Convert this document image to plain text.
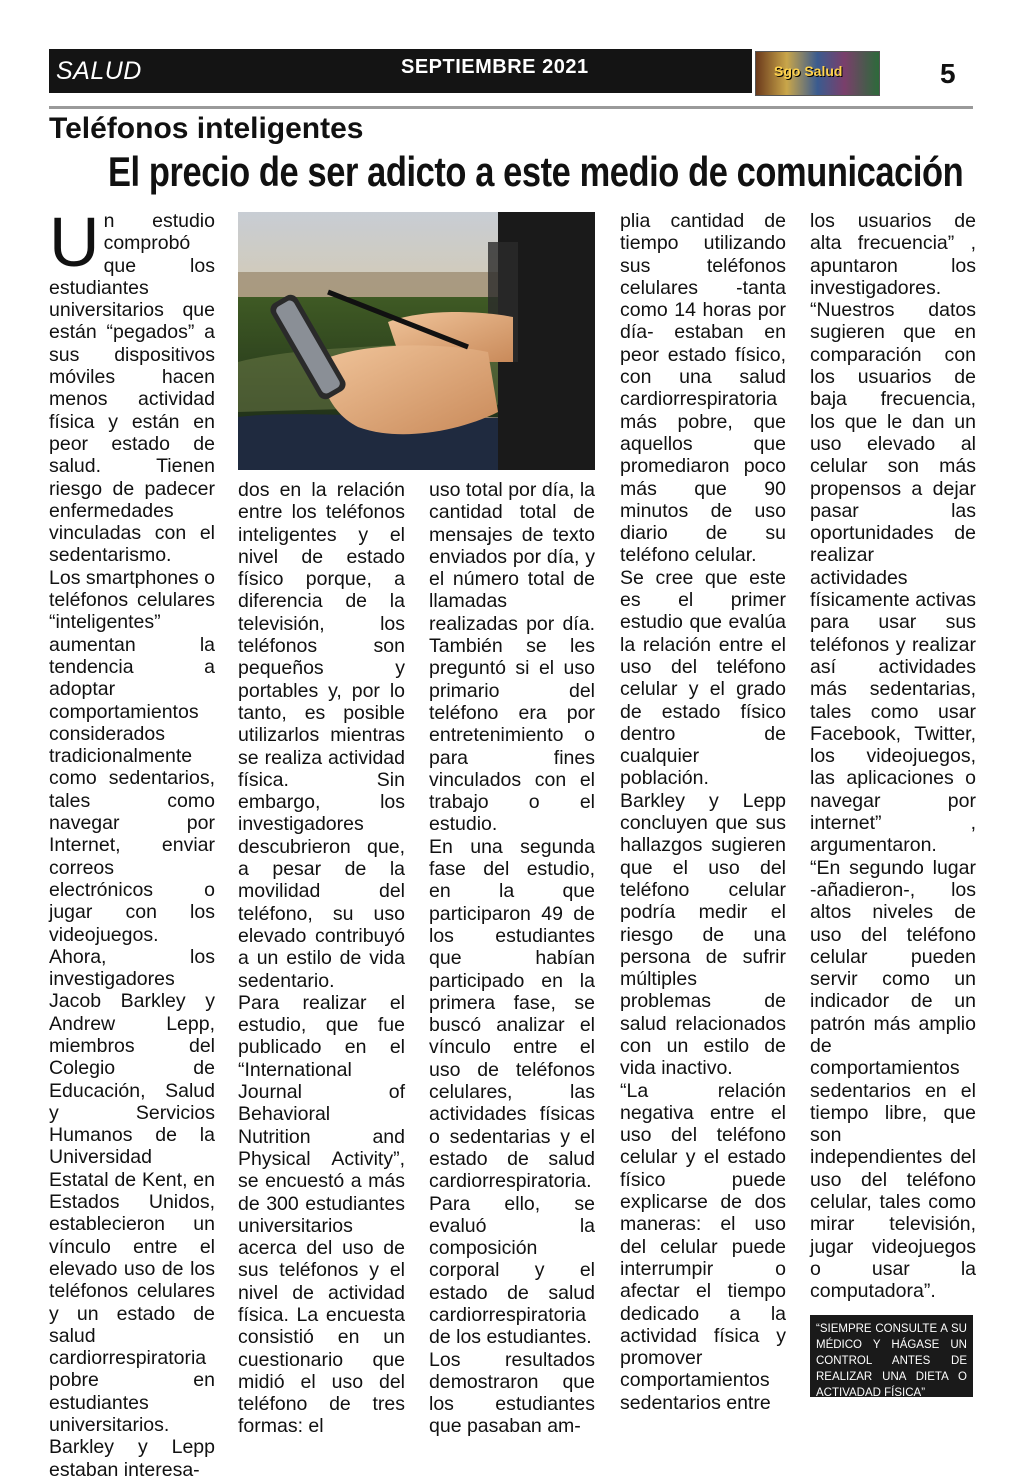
SALUD	SEPTIEMBRE 2021	Sgo Salud	5
Teléfonos inteligentes
El precio de ser adicto a este medio de comunicación
U n estudio comprobó que los estudiantes universitarios que están “pegados” a sus dispositivos móviles hacen menos actividad física y están en peor estado de salud. Tienen riesgo de padecer enfermedades vinculadas con el sedentarismo.

Los smartphones o teléfonos celulares “inteligentes” aumentan la tendencia a adoptar comportamientos considerados tradicionalmente como sedentarios, tales como navegar por Internet, enviar correos electrónicos o jugar con los videojuegos.

Ahora, los investigadores Jacob Barkley y Andrew Lepp, miembros del Colegio de Educación, Salud y Servicios Humanos de la Universidad Estatal de Kent, en Estados Unidos, establecieron un vínculo entre el elevado uso de los teléfonos celulares y un estado de salud cardiorrespiratoria pobre en estudiantes universitarios.

Barkley y Lepp estaban interesa-

dos en la relación entre los teléfonos inteligentes y el nivel de estado físico porque, a diferencia de la televisión, los teléfonos son pequeños y portables y, por lo tanto, es posible utilizarlos mientras se realiza actividad física. Sin embargo, los investigadores descubrieron que, a pesar de la movilidad del teléfono, su uso elevado contribuyó a un estilo de vida sedentario.

Para realizar el estudio, que fue publicado en el “International Journal of Behavioral Nutrition and Physical Activity”, se encuestó a más de 300 estudiantes universitarios acerca del uso de sus teléfonos y el nivel de actividad física. La encuesta consistió en un cuestionario que midió el uso del teléfono de tres formas: el

uso total por día, la cantidad total de mensajes de texto enviados por día, y el número total de llamadas realizadas por día. También se les preguntó si el uso primario del teléfono era por entretenimiento o para fines vinculados con el trabajo o el estudio.

En una segunda fase del estudio, en la que participaron 49 de los estudiantes que habían participado en la primera fase, se buscó analizar el vínculo entre el uso de teléfonos celulares, las actividades físicas o sedentarias y el estado de salud cardiorrespiratoria. Para ello, se evaluó la composición corporal y el estado de salud cardiorrespiratoria de los estudiantes.

Los resultados demostraron que los estudiantes que pasaban am-

plia cantidad de tiempo utilizando sus teléfonos celulares -tanta como 14 horas por día- estaban en peor estado físico, con una salud cardiorrespiratoria más pobre, que aquellos que promediaron poco más que 90 minutos de uso diario de su teléfono celular.

Se cree que este es el primer estudio que evalúa la relación entre el uso del teléfono celular y el grado de estado físico dentro de cualquier población.

Barkley y Lepp concluyen que sus hallazgos sugieren que el uso del teléfono celular podría medir el riesgo de una persona de sufrir múltiples problemas de salud relacionados con un estilo de vida inactivo.

“La relación negativa entre el uso del teléfono celular y el estado físico puede explicarse de dos maneras: el uso del celular puede interrumpir o afectar el tiempo dedicado a la actividad física y promover comportamientos sedentarios entre

los usuarios de alta frecuencia” , apuntaron los investigadores.

“Nuestros datos sugieren que en comparación con los usuarios de baja frecuencia, los que le dan un uso elevado al celular son más propensos a dejar pasar las oportunidades de realizar actividades físicamente activas para usar sus teléfonos y realizar así actividades más sedentarias, tales como usar Facebook, Twitter, los videojuegos, las aplicaciones o navegar por internet” , argumentaron.

“En segundo lugar -añadieron-, los altos niveles de uso del teléfono celular pueden servir como un indicador de un patrón más amplio de comportamientos sedentarios en el tiempo libre, que son independientes del uso del teléfono celular, tales como mirar televisión, jugar videojuegos o usar la computadora”.

“SIEMPRE CONSULTE A SU MÉDICO Y HÁGASE UN CONTROL ANTES DE REALIZAR UNA DIETA O ACTIVADAD FÍSICA”
